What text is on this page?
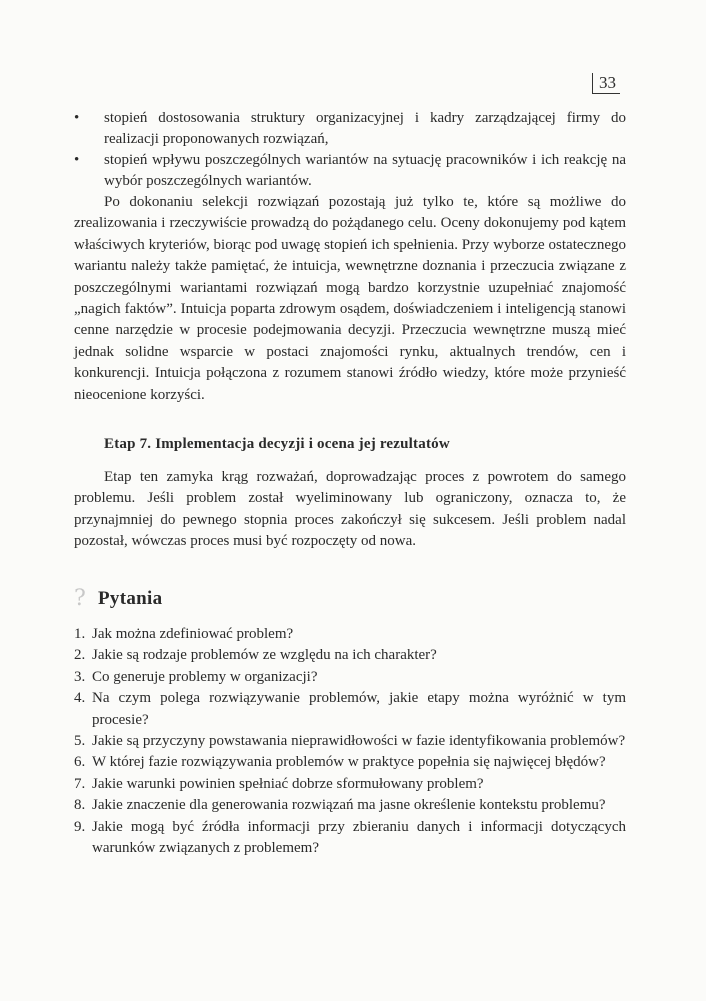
33
• stopień dostosowania struktury organizacyjnej i kadry zarządzającej firmy do realizacji proponowanych rozwiązań,
• stopień wpływu poszczególnych wariantów na sytuację pracowników i ich reakcję na wybór poszczególnych wariantów.

Po dokonaniu selekcji rozwiązań pozostają już tylko te, które są możliwe do zrealizowania i rzeczywiście prowadzą do pożądanego celu. Oceny dokonujemy pod kątem właściwych kryteriów, biorąc pod uwagę stopień ich spełnienia. Przy wyborze ostatecznego wariantu należy także pamiętać, że intuicja, wewnętrzne doznania i przeczucia związane z poszczególnymi wariantami rozwiązań mogą bardzo korzystnie uzupełniać znajomość „nagich faktów”. Intuicja poparta zdrowym osądem, doświadczeniem i inteligencją stanowi cenne narzędzie w procesie podejmowania decyzji. Przeczucia wewnętrzne muszą mieć jednak solidne wsparcie w postaci znajomości rynku, aktualnych trendów, cen i konkurencji. Intuicja połączona z rozumem stanowi źródło wiedzy, które może przynieść nieocenione korzyści.

Etap 7. Implementacja decyzji i ocena jej rezultatów

Etap ten zamyka krąg rozważań, doprowadzając proces z powrotem do samego problemu. Jeśli problem został wyeliminowany lub ograniczony, oznacza to, że przynajmniej do pewnego stopnia proces zakończył się sukcesem. Jeśli problem nadal pozostał, wówczas proces musi być rozpoczęty od nowa.

? Pytania
1. Jak można zdefiniować problem?
2. Jakie są rodzaje problemów ze względu na ich charakter?
3. Co generuje problemy w organizacji?
4. Na czym polega rozwiązywanie problemów, jakie etapy można wyróżnić w tym procesie?
5. Jakie są przyczyny powstawania nieprawidłowości w fazie identyfikowania problemów?
6. W której fazie rozwiązywania problemów w praktyce popełnia się najwięcej błędów?
7. Jakie warunki powinien spełniać dobrze sformułowany problem?
8. Jakie znaczenie dla generowania rozwiązań ma jasne określenie kontekstu problemu?
9. Jakie mogą być źródła informacji przy zbieraniu danych i informacji dotyczących warunków związanych z problemem?
